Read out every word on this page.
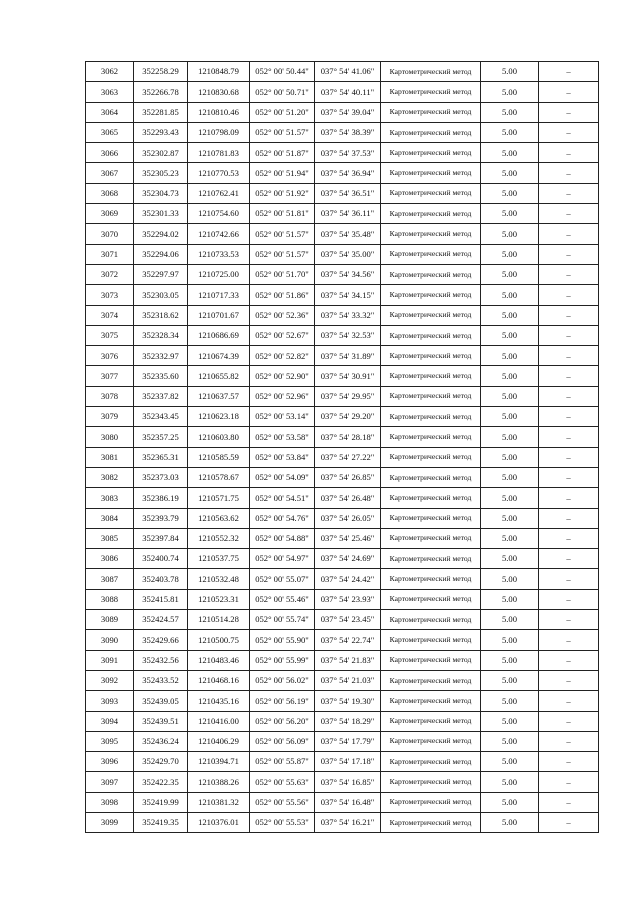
3062	352258.29	1210848.79	052° 00' 50.44"	037° 54' 41.06"	Картометрический метод	5.00	–
3063	352266.78	1210830.68	052° 00' 50.71"	037° 54' 40.11"	Картометрический метод	5.00	–
3064	352281.85	1210810.46	052° 00' 51.20"	037° 54' 39.04"	Картометрический метод	5.00	–
3065	352293.43	1210798.09	052° 00' 51.57"	037° 54' 38.39"	Картометрический метод	5.00	–
3066	352302.87	1210781.83	052° 00' 51.87"	037° 54' 37.53"	Картометрический метод	5.00	–
3067	352305.23	1210770.53	052° 00' 51.94"	037° 54' 36.94"	Картометрический метод	5.00	–
3068	352304.73	1210762.41	052° 00' 51.92"	037° 54' 36.51"	Картометрический метод	5.00	–
3069	352301.33	1210754.60	052° 00' 51.81"	037° 54' 36.11"	Картометрический метод	5.00	–
3070	352294.02	1210742.66	052° 00' 51.57"	037° 54' 35.48"	Картометрический метод	5.00	–
3071	352294.06	1210733.53	052° 00' 51.57"	037° 54' 35.00"	Картометрический метод	5.00	–
3072	352297.97	1210725.00	052° 00' 51.70"	037° 54' 34.56"	Картометрический метод	5.00	–
3073	352303.05	1210717.33	052° 00' 51.86"	037° 54' 34.15"	Картометрический метод	5.00	–
3074	352318.62	1210701.67	052° 00' 52.36"	037° 54' 33.32"	Картометрический метод	5.00	–
3075	352328.34	1210686.69	052° 00' 52.67"	037° 54' 32.53"	Картометрический метод	5.00	–
3076	352332.97	1210674.39	052° 00' 52.82"	037° 54' 31.89"	Картометрический метод	5.00	–
3077	352335.60	1210655.82	052° 00' 52.90"	037° 54' 30.91"	Картометрический метод	5.00	–
3078	352337.82	1210637.57	052° 00' 52.96"	037° 54' 29.95"	Картометрический метод	5.00	–
3079	352343.45	1210623.18	052° 00' 53.14"	037° 54' 29.20"	Картометрический метод	5.00	–
3080	352357.25	1210603.80	052° 00' 53.58"	037° 54' 28.18"	Картометрический метод	5.00	–
3081	352365.31	1210585.59	052° 00' 53.84"	037° 54' 27.22"	Картометрический метод	5.00	–
3082	352373.03	1210578.67	052° 00' 54.09"	037° 54' 26.85"	Картометрический метод	5.00	–
3083	352386.19	1210571.75	052° 00' 54.51"	037° 54' 26.48"	Картометрический метод	5.00	–
3084	352393.79	1210563.62	052° 00' 54.76"	037° 54' 26.05"	Картометрический метод	5.00	–
3085	352397.84	1210552.32	052° 00' 54.88"	037° 54' 25.46"	Картометрический метод	5.00	–
3086	352400.74	1210537.75	052° 00' 54.97"	037° 54' 24.69"	Картометрический метод	5.00	–
3087	352403.78	1210532.48	052° 00' 55.07"	037° 54' 24.42"	Картометрический метод	5.00	–
3088	352415.81	1210523.31	052° 00' 55.46"	037° 54' 23.93"	Картометрический метод	5.00	–
3089	352424.57	1210514.28	052° 00' 55.74"	037° 54' 23.45"	Картометрический метод	5.00	–
3090	352429.66	1210500.75	052° 00' 55.90"	037° 54' 22.74"	Картометрический метод	5.00	–
3091	352432.56	1210483.46	052° 00' 55.99"	037° 54' 21.83"	Картометрический метод	5.00	–
3092	352433.52	1210468.16	052° 00' 56.02"	037° 54' 21.03"	Картометрический метод	5.00	–
3093	352439.05	1210435.16	052° 00' 56.19"	037° 54' 19.30"	Картометрический метод	5.00	–
3094	352439.51	1210416.00	052° 00' 56.20"	037° 54' 18.29"	Картометрический метод	5.00	–
3095	352436.24	1210406.29	052° 00' 56.09"	037° 54' 17.79"	Картометрический метод	5.00	–
3096	352429.70	1210394.71	052° 00' 55.87"	037° 54' 17.18"	Картометрический метод	5.00	–
3097	352422.35	1210388.26	052° 00' 55.63"	037° 54' 16.85"	Картометрический метод	5.00	–
3098	352419.99	1210381.32	052° 00' 55.56"	037° 54' 16.48"	Картометрический метод	5.00	–
3099	352419.35	1210376.01	052° 00' 55.53"	037° 54' 16.21"	Картометрический метод	5.00	–
